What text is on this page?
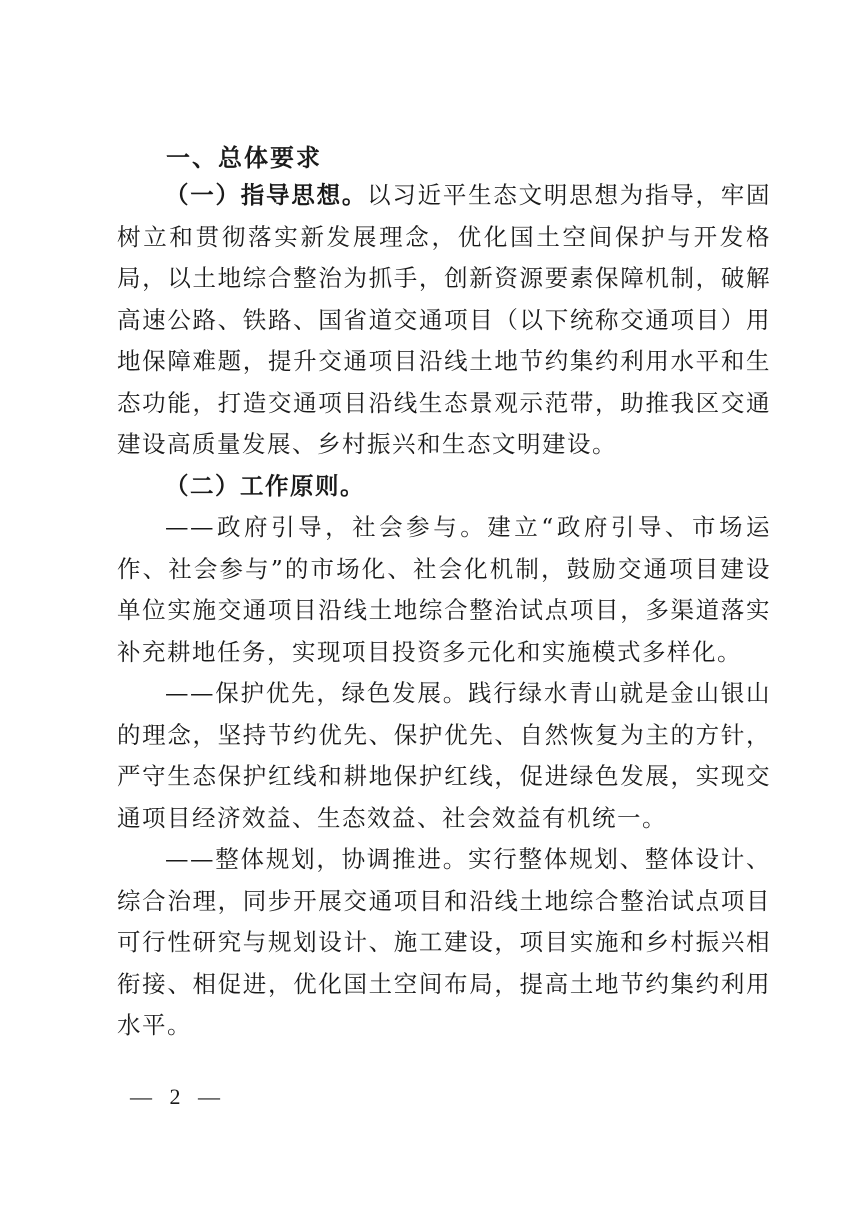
一、总体要求

（一）指导思想。以习近平生态文明思想为指导，牢固树立和贯彻落实新发展理念，优化国土空间保护与开发格局，以土地综合整治为抓手，创新资源要素保障机制，破解高速公路、铁路、国省道交通项目（以下统称交通项目）用地保障难题，提升交通项目沿线土地节约集约利用水平和生态功能，打造交通项目沿线生态景观示范带，助推我区交通建设高质量发展、乡村振兴和生态文明建设。

（二）工作原则。

——政府引导，社会参与。建立“政府引导、市场运作、社会参与”的市场化、社会化机制，鼓励交通项目建设单位实施交通项目沿线土地综合整治试点项目，多渠道落实补充耕地任务，实现项目投资多元化和实施模式多样化。

——保护优先，绿色发展。践行绿水青山就是金山银山的理念，坚持节约优先、保护优先、自然恢复为主的方针，严守生态保护红线和耕地保护红线，促进绿色发展，实现交通项目经济效益、生态效益、社会效益有机统一。

——整体规划，协调推进。实行整体规划、整体设计、综合治理，同步开展交通项目和沿线土地综合整治试点项目可行性研究与规划设计、施工建设，项目实施和乡村振兴相衔接、相促进，优化国土空间布局，提高土地节约集约利用水平。

— 2 —
